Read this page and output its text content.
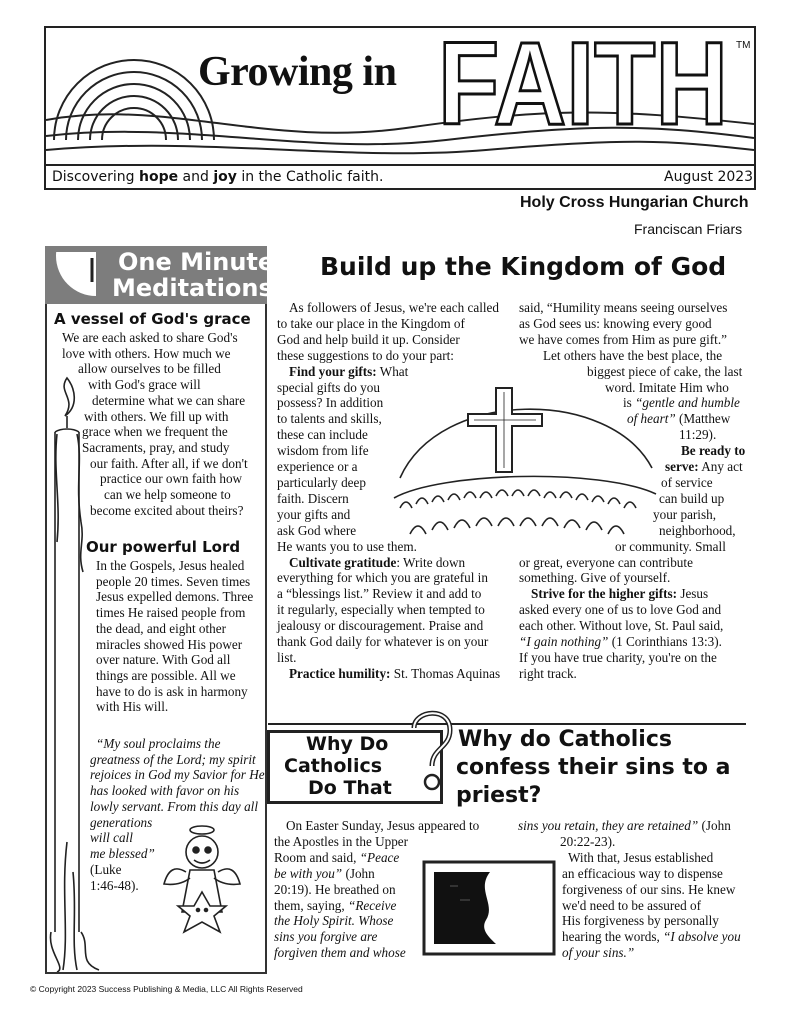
Growing in FAITH TM
Discovering hope and joy in the Catholic faith.	August 2023
Holy Cross Hungarian Church
Franciscan Friars
One Minute
Meditations
A vessel of God's grace
We are each asked to share God's
love with others. How much we
allow ourselves to be filled
with God's grace will
determine what we can share
with others. We fill up with
grace when we frequent the
Sacraments, pray, and study
our faith. After all, if we don't
practice our own faith how
can we help someone to
become excited about theirs?
Our powerful Lord
In the Gospels, Jesus healed
people 20 times. Seven times
Jesus expelled demons. Three
times He raised people from
the dead, and eight other
miracles showed His power
over nature. With God all
things are possible. All we
have to do is ask in harmony
with His will.
“My soul proclaims the
greatness of the Lord; my spirit
rejoices in God my Savior for He
has looked with favor on his
lowly servant. From this day all
generations
will call
me blessed”
(Luke
1:46-48).
Build up the Kingdom of God
As followers of Jesus, we're each called
to take our place in the Kingdom of
God and help build it up. Consider
these suggestions to do your part:
Find your gifts: What
special gifts do you
possess? In addition
to talents and skills,
these can include
wisdom from life
experience or a
particularly deep
faith. Discern
your gifts and
ask God where
He wants you to use them.
Cultivate gratitude: Write down
everything for which you are grateful in
a “blessings list.” Review it and add to
it regularly, especially when tempted to
jealousy or discouragement. Praise and
thank God daily for whatever is on your
list.
Practice humility: St. Thomas Aquinas
said, “Humility means seeing ourselves
as God sees us: knowing every good
we have comes from Him as pure gift.”
Let others have the best place, the
biggest piece of cake, the last
word. Imitate Him who
is “gentle and humble
of heart” (Matthew
11:29).
Be ready to
serve: Any act
of service
can build up
your parish,
neighborhood,
or community. Small
or great, everyone can contribute
something. Give of yourself.
Strive for the higher gifts: Jesus
asked every one of us to love God and
each other. Without love, St. Paul said,
“I gain nothing” (1 Corinthians 13:3).
If you have true charity, you're on the
right track.
Why Do
Catholics
Do That
Why do Catholics
confess their sins to a
priest?
On Easter Sunday, Jesus appeared to
the Apostles in the Upper
Room and said, “Peace
be with you” (John
20:19). He breathed on
them, saying, “Receive
the Holy Spirit. Whose
sins you forgive are
forgiven them and whose
sins you retain, they are retained” (John
20:22-23).
With that, Jesus established
an efficacious way to dispense
forgiveness of our sins. He knew
we'd need to be assured of
His forgiveness by personally
hearing the words, “I absolve you
of your sins.”
© Copyright 2023 Success Publishing & Media, LLC All Rights Reserved
